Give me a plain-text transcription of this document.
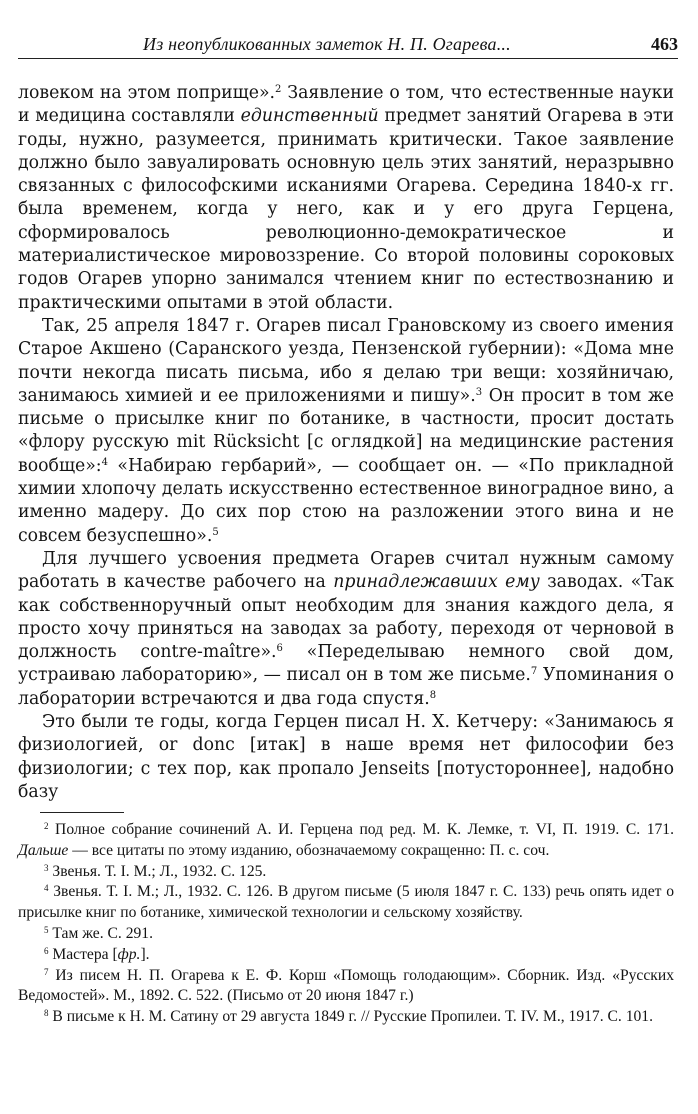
Из неопубликованных заметок Н. П. Огарева...	463

ловеком на этом поприще».$^2$ Заявление о том, что естественные науки и медицина составляли единственный предмет занятий Огарева в эти годы, нужно, разумеется, принимать критически. Такое заявление должно было завуалировать основную цель этих занятий, неразрывно связанных с философскими исканиями Огарева. Середина 1840-х гг. была временем, когда у него, как и у его друга Герцена, сформировалось революционно-демократическое и материалистическое мировоззрение. Со второй половины сороковых годов Огарев упорно занимался чтением книг по естествознанию и практическими опытами в этой области.

Так, 25 апреля 1847 г. Огарев писал Грановскому из своего имения Старое Акшено (Саранского уезда, Пензенской губернии): «Дома мне почти некогда писать письма, ибо я делаю три вещи: хозяйничаю, занимаюсь химией и ее приложениями и пишу».$^3$ Он просит в том же письме о присылке книг по ботанике, в частности, просит достать «флору русскую mit Rücksicht [с оглядкой] на медицинские растения вообще»:$^4$ «Набираю гербарий», — сообщает он. — «По прикладной химии хлопочу делать искусственно естественное виноградное вино, а именно мадеру. До сих пор стою на разложении этого вина и не совсем безуспешно».$^5$

Для лучшего усвоения предмета Огарев считал нужным самому работать в качестве рабочего на принадлежавших ему заводах. «Так как собственноручный опыт необходим для знания каждого дела, я просто хочу приняться на заводах за работу, переходя от черновой в должность contre-maître».$^6$ «Переделываю немного свой дом, устраиваю лабораторию», — писал он в том же письме.$^7$ Упоминания о лаборатории встречаются и два года спустя.$^8$

Это были те годы, когда Герцен писал Н. Х. Кетчеру: «Занимаюсь я физиологией, or donc [итак] в наше время нет философии без физиологии; с тех пор, как пропало Jenseits [потустороннее], надобно базу

$^2$ Полное собрание сочинений А. И. Герцена под ред. М. К. Лемке, т. VI, П. 1919. С. 171. Дальше — все цитаты по этому изданию, обозначаемому сокращенно: П. с. соч.

$^3$ Звенья. Т. I. М.; Л., 1932. С. 125.

$^4$ Звенья. Т. I. М.; Л., 1932. С. 126. В другом письме (5 июля 1847 г. С. 133) речь опять идет о присылке книг по ботанике, химической технологии и сельскому хозяйству.

$^5$ Там же. С. 291.

$^6$ Мастера [фр.].

$^7$ Из писем Н. П. Огарева к Е. Ф. Корш «Помощь голодающим». Сборник. Изд. «Русских Ведомостей». М., 1892. С. 522. (Письмо от 20 июня 1847 г.)

$^8$ В письме к Н. М. Сатину от 29 августа 1849 г. // Русские Пропилеи. Т. IV. М., 1917. С. 101.
